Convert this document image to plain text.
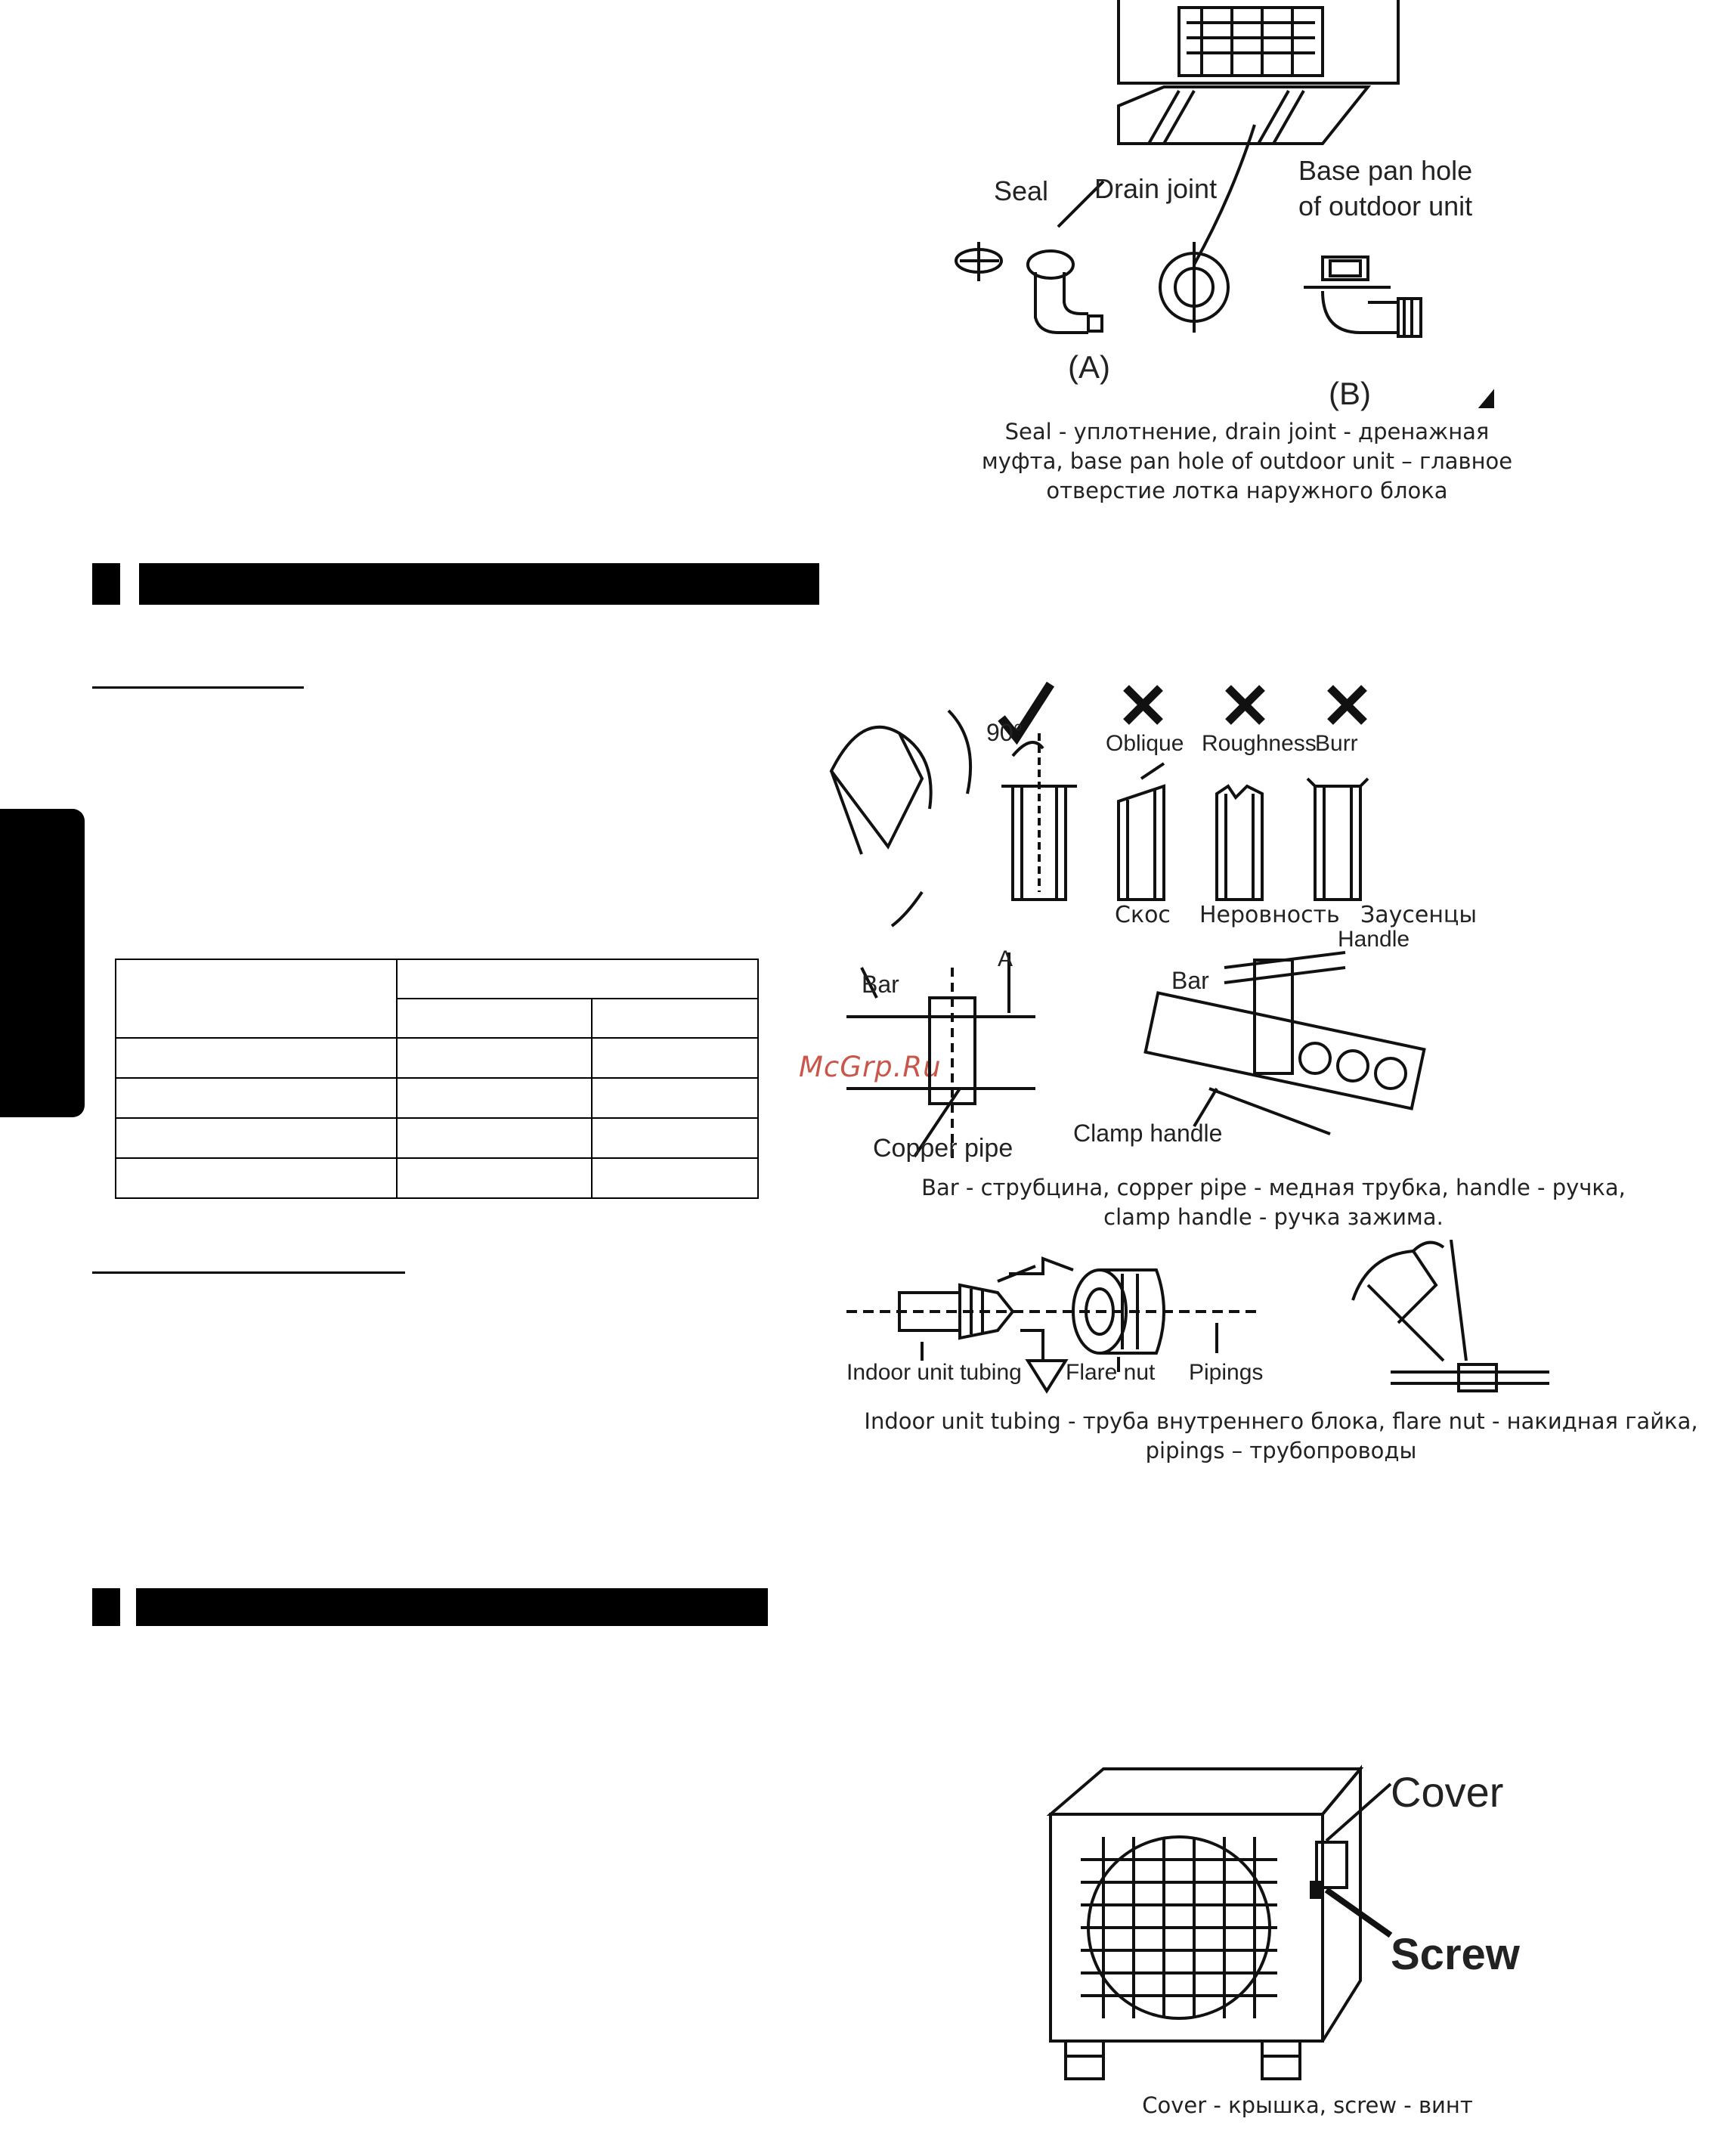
McGrp.Ru
Seal Drain joint
Base pan hole
of outdoor unit
(A)
(B)
Seal - уплотнение, drain joint - дренажная
муфта, base pan hole of outdoor unit – главное
отверстие лотка наружного блока
90°	Oblique Roughness
Burr
Скос Неровность Заусенцы
Handle
Bar	Bar
A
Copper pipe
Clamp handle
Bar - струбцина, copper pipe - медная трубка, handle - ручка,
clamp handle - ручка зажима.
Indoor unit tubing Flare nut Pipings
Indoor unit tubing - труба внутреннего блока, flare nut - накидная гайка,
pipings – трубопроводы
Cover
Screw
Cover - крышка, screw - винт
